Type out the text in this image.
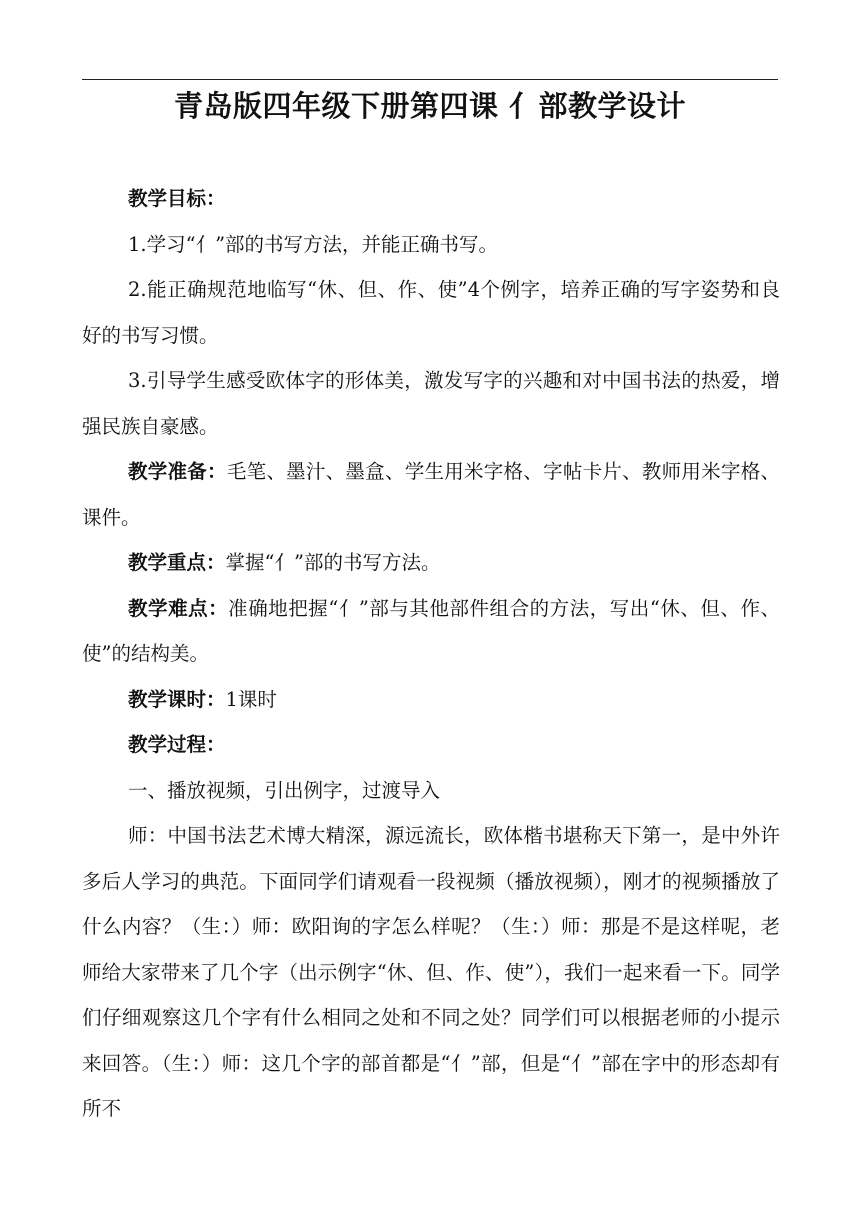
青岛版四年级下册第四课 亻部教学设计

教学目标：

1.学习“亻”部的书写方法，并能正确书写。

2.能正确规范地临写“休、但、作、使”4个例字，培养正确的写字姿势和良好的书写习惯。

3.引导学生感受欧体字的形体美，激发写字的兴趣和对中国书法的热爱，增强民族自豪感。

教学准备：毛笔、墨汁、墨盒、学生用米字格、字帖卡片、教师用米字格、课件。

教学重点：掌握“亻”部的书写方法。

教学难点：准确地把握“亻”部与其他部件组合的方法，写出“休、但、作、使”的结构美。

教学课时：1课时

教学过程：

一、播放视频，引出例字，过渡导入

师：中国书法艺术博大精深，源远流长，欧体楷书堪称天下第一，是中外许多后人学习的典范。下面同学们请观看一段视频（播放视频），刚才的视频播放了什么内容？（生：）师：欧阳询的字怎么样呢？（生：）师：那是不是这样呢，老师给大家带来了几个字（出示例字“休、但、作、使”），我们一起来看一下。同学们仔细观察这几个字有什么相同之处和不同之处？同学们可以根据老师的小提示来回答。（生：）师：这几个字的部首都是“亻”部，但是“亻”部在字中的形态却有所不
